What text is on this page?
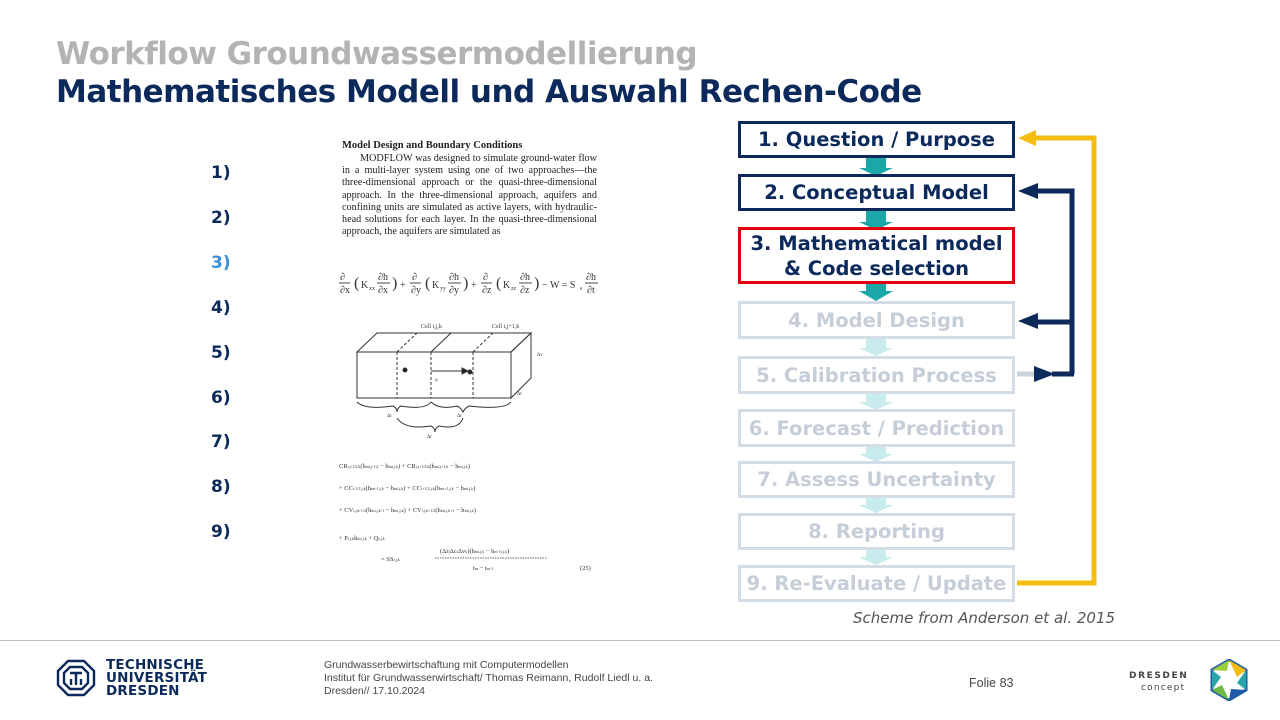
Workflow Groundwassermodellierung
Mathematisches Modell und Auswahl Rechen-Code
1)
2)
3)
4)
5)
6)
7)
8)
9)
Model Design and Boundary Conditions
MODFLOW was designed to simulate ground-water flow in a multi-layer system using one of two approaches—the three-dimensional approach or the quasi-three-dimensional approach. In the three-dimensional approach, aquifers and confining units are simulated as active layers, with hydraulic-head solutions for each layer. In the quasi-three-dimensional approach, the aquifers are simulated as
∂
∂x ( K xx
∂h
∂x ) +
∂
∂y ( K yy
∂h
∂y ) +
∂
∂z ( K zz
∂h
∂z ) − W = S s
∂h
∂t
Cell i,j,k	Cell i,j+1,k
q
Δv
Δr
Δr	Δr
Δr
CRi,j-1/2,k(hmi,j-1,k − hmi,j,k) + CRi,j+1/2,k(hmi,j+1,k − hmi,j,k)
+ CCi-1/2,j,k(hmi-1,j,k − hmi,j,k) + CCi+1/2,j,k(hmi+1,j,k − hmi,j,k)
+ CVi,j,k-1/2(hmi,j,k-1 − hmi,j,k) + CVi,j,k+1/2(hmi,j,k+1 − hmi,j,k)
+ Pi,j,khmi,j,k + Qi,j,k
(ΔrjΔciΔvk)(hmi,j,k − hm-1i,j,k)
= SSi,j,k
tm − tm-1	(25)
1. Question / Purpose
2. Conceptual Model
3. Mathematical model
& Code selection
4. Model Design
5. Calibration Process
6. Forecast / Prediction
7. Assess Uncertainty
8. Reporting
9. Re-Evaluate / Update
Scheme from Anderson et al. 2015
TECHNISCHE
UNIVERSITÄT
DRESDEN
Grundwasserbewirtschaftung mit Computermodellen
Institut für Grundwasserwirtschaft/ Thomas Reimann, Rudolf Liedl u. a.
Dresden// 17.10.2024
Folie 83	DRESDEN
concept
